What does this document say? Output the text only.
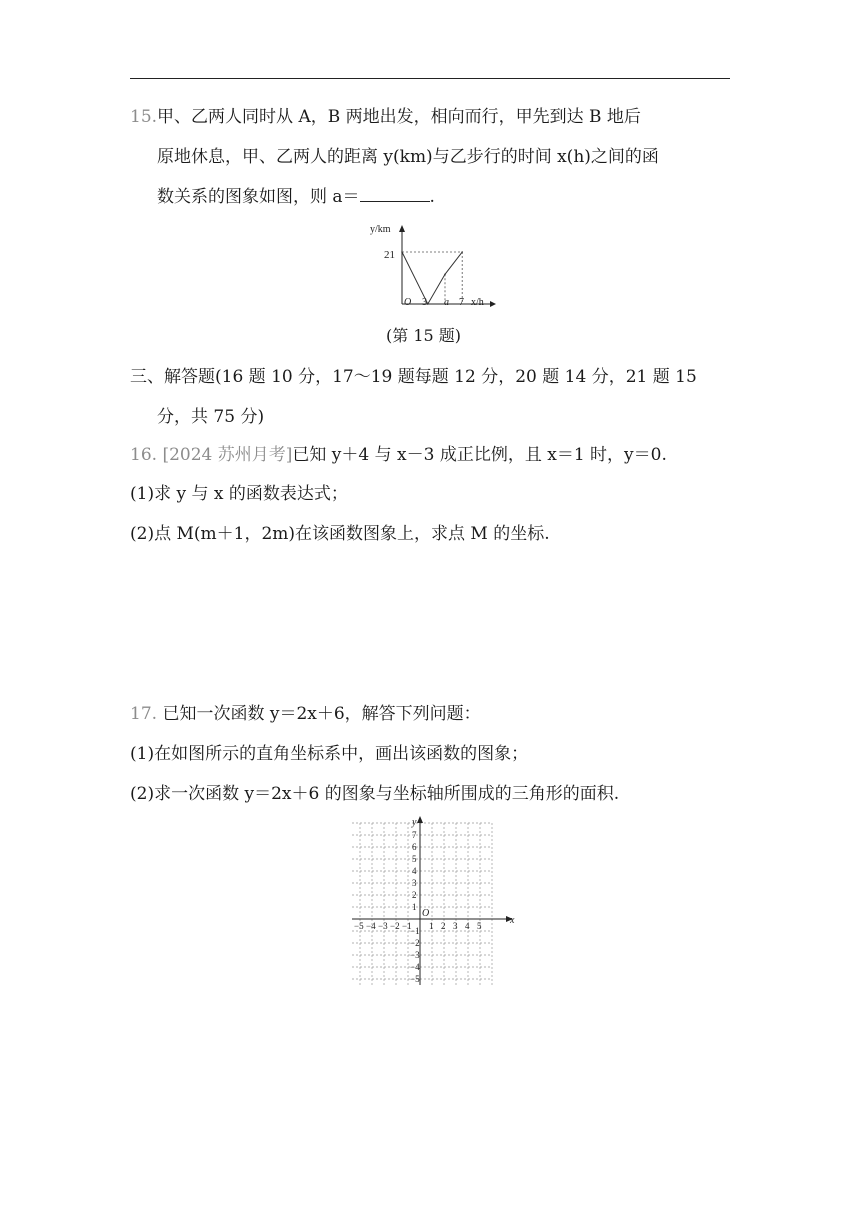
15.甲、乙两人同时从 A，B 两地出发，相向而行，甲先到达 B 地后
原地休息，甲、乙两人的距离 y(km)与乙步行的时间 x(h)之间的函
数关系的图象如图，则 a＝	.
y/km
21
O 3 a 7 x/h
(第 15 题)
三、解答题(16 题 10 分，17～19 题每题 12 分，20 题 14 分，21 题 15
分，共 75 分)
16. [2024 苏州月考]已知 y＋4 与 x－3 成正比例，且 x＝1 时，y＝0.
(1)求 y 与 x 的函数表达式；
(2)点 M(m＋1，2m)在该函数图象上，求点 M 的坐标.
17. 已知一次函数 y＝2x＋6，解答下列问题：
(1)在如图所示的直角坐标系中，画出该函数的图象；
(2)求一次函数 y＝2x＋6 的图象与坐标轴所围成的三角形的面积.
x
y
O
−5 −4 −3 −2 −1 1 2 3 4 5
−5
−4
−3
−2
−1
1
2
3
4
5
6
7
